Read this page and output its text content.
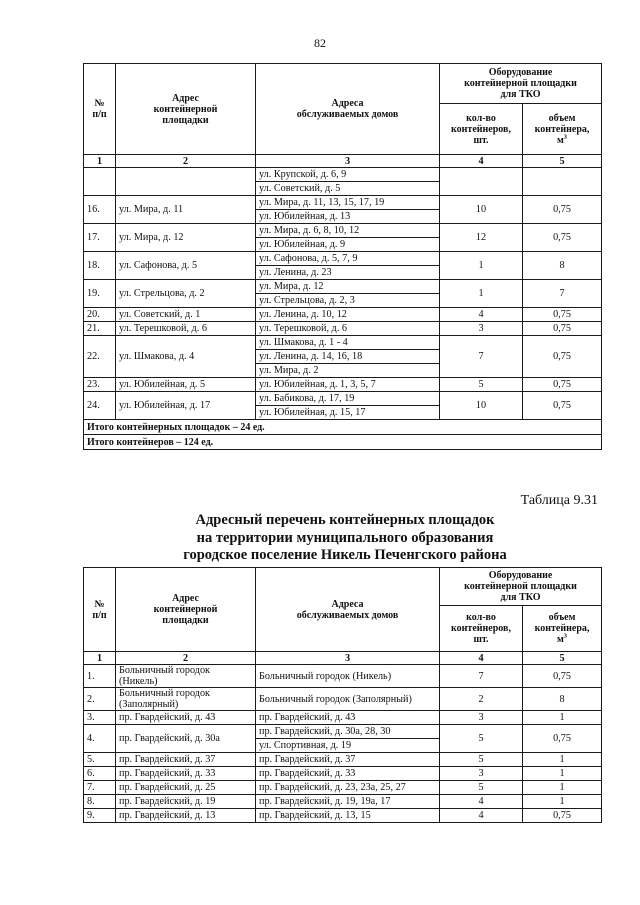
82
№
п/п	Адрес
контейнерной
площадки	Адреса
обслуживаемых домов	Оборудование
контейнерной площадки
для ТКО	
			кол-во
контейнеров,
шт.	объем
контейнера,
$м^3$
1	2	3	4	5
		ул. Крупской, д. 6, 9		
		ул. Советский, д. 5		
16.	ул. Мира, д. 11	ул. Мира, д. 11, 13, 15, 17, 19	10	0,75
		ул. Юбилейная, д. 13		
17.	ул. Мира, д. 12	ул. Мира, д. 6, 8, 10, 12	12	0,75
		ул. Юбилейная, д. 9		
18.	ул. Сафонова, д. 5	ул. Сафонова, д. 5, 7, 9	1	8
		ул. Ленина, д. 23		
19.	ул. Стрельцова, д. 2	ул. Мира, д. 12	1	7
		ул. Стрельцова, д. 2, 3		
20.	ул. Советский, д. 1	ул. Ленина, д. 10, 12	4	0,75
21.	ул. Терешковой, д. 6	ул. Терешковой, д. 6	3	0,75
22.	ул. Шмакова, д. 4	ул. Шмакова, д. 1 - 4	7	0,75
		ул. Ленина, д. 14, 16, 18		
		ул. Мира, д. 2		
23.	ул. Юбилейная, д. 5	ул. Юбилейная, д. 1, 3, 5, 7	5	0,75
24.	ул. Юбилейная, д. 17	ул. Бабикова, д. 17, 19	10	0,75
		ул. Юбилейная, д. 15, 17		
Итого контейнерных площадок – 24 ед.				
Итого контейнеров – 124 ед.				
Таблица 9.31
Адресный перечень контейнерных площадок
на территории муниципального образования
городское поселение Никель Печенгского района
№
п/п	Адрес
контейнерной
площадки	Адреса
обслуживаемых домов	Оборудование
контейнерной площадки
для ТКО	
			кол-во
контейнеров,
шт.	объем
контейнера,
$м^3$
1	2	3	4	5
1.	Больничный городок
(Никель)	Больничный городок (Никель)	7	0,75
2.	Больничный городок
(Заполярный)	Больничный городок (Заполярный)	2	8
3.	пр. Гвардейский, д. 43	пр. Гвардейский, д. 43	3	1
4.	пр. Гвардейский, д. 30а	пр. Гвардейский, д. 30а, 28, 30	5	0,75
		ул. Спортивная, д. 19		
5.	пр. Гвардейский, д. 37	пр. Гвардейский, д. 37	5	1
6.	пр. Гвардейский, д. 33	пр. Гвардейский, д. 33	3	1
7.	пр. Гвардейский, д. 25	пр. Гвардейский, д. 23, 23а, 25, 27	5	1
8.	пр. Гвардейский, д. 19	пр. Гвардейский, д. 19, 19а, 17	4	1
9.	пр. Гвардейский, д. 13	пр. Гвардейский, д. 13, 15	4	0,75
